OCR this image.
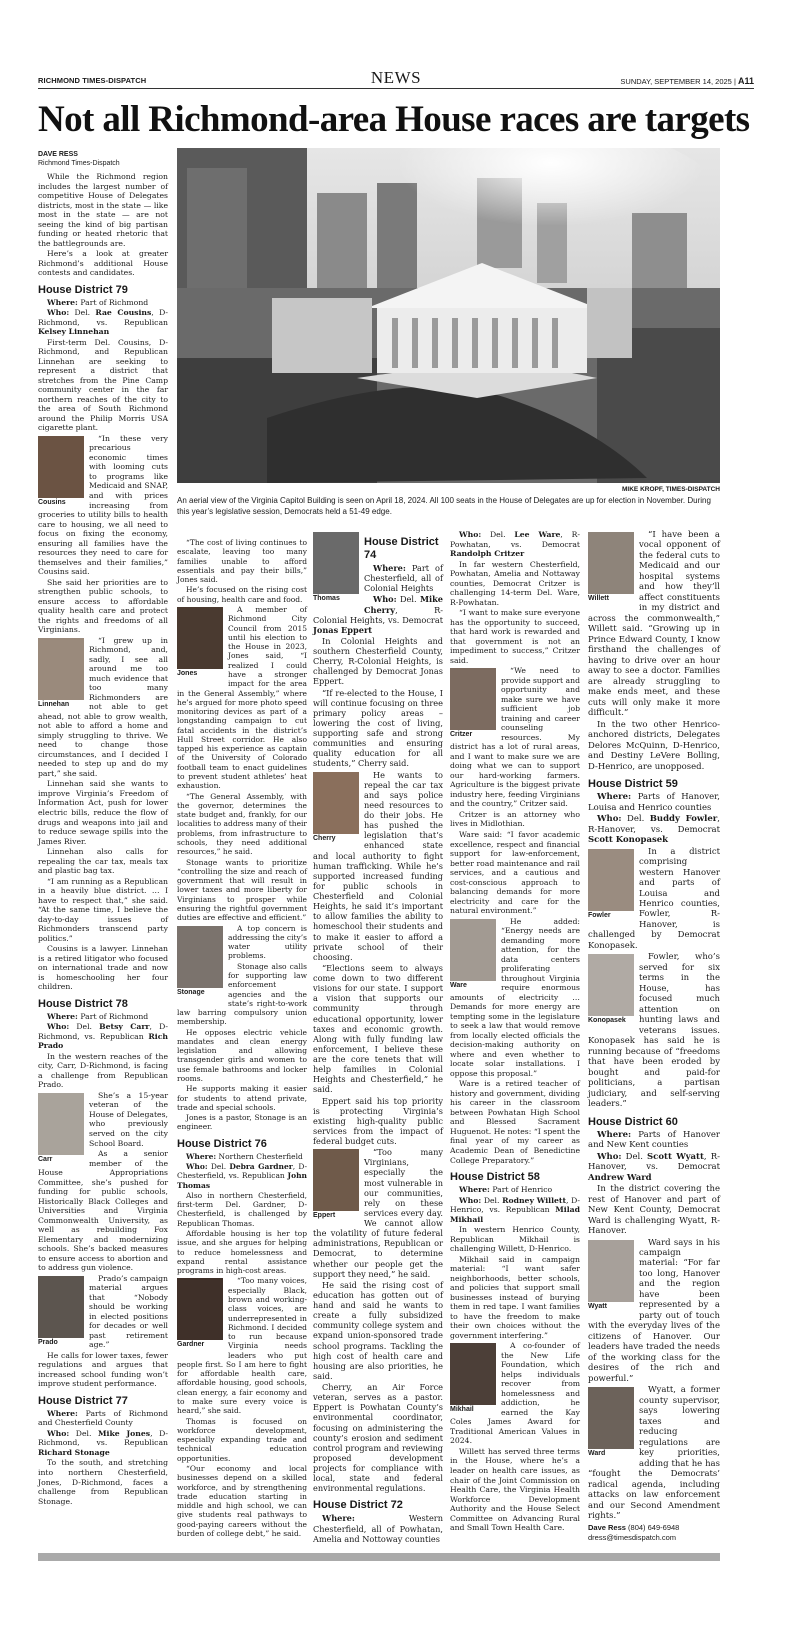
RICHMOND TIMES-DISPATCH	NEWS	SUNDAY, SEPTEMBER 14, 2025 | A11
Not all Richmond-area House races are targets
MIKE KROPF, TIMES-DISPATCH
An aerial view of the Virginia Capitol Building is seen on April 18, 2024. All 100 seats in the House of Delegates are up for election in November. During this year’s legislative session, Democrats held a 51-49 edge.
DAVE RESS
Richmond Times-Dispatch

While the Richmond region includes the largest number of competitive House of Delegates districts, most in the state — like most in the state — are not seeing the kind of big partisan funding or heated rhetoric that the battlegrounds are.

Here’s a look at greater Richmond’s additional House contests and candidates.

House District 79

Where: Part of Richmond

Who: Del. Rae Cousins, D-Richmond, vs. Republican Kelsey Linnehan

First-term Del. Cousins, D-Richmond, and Republican Linnehan are seeking to represent a district that stretches from the Pine Camp community center in the far northern reaches of the city to the area of South Richmond around the Philip Morris USA cigarette plant.

Cousins

“In these very precarious economic times with looming cuts to programs like Medicaid and SNAP, and with prices increasing from groceries to utility bills to health care to housing, we all need to focus on fixing the economy, ensuring all families have the resources they need to care for themselves and their families,” Cousins said.

She said her priorities are to strengthen public schools, to ensure access to affordable quality health care and protect the rights and freedoms of all Virginians.

Linnehan

“I grew up in Richmond, and, sadly, I see all around me too much evidence that too many Richmonders are not able to get ahead, not able to grow wealth, not able to afford a home and simply struggling to thrive. We need to change those circumstances, and I decided I needed to step up and do my part,” she said.

Linnehan said she wants to improve Virginia’s Freedom of Information Act, push for lower electric bills, reduce the flow of drugs and weapons into jail and to reduce sewage spills into the James River.

Linnehan also calls for repealing the car tax, meals tax and plastic bag tax.

“I am running as a Republican in a heavily blue district. … I have to respect that,” she said. “At the same time, I believe the day-to-day issues of Richmonders transcend party politics.”

Cousins is a lawyer. Linnehan is a retired litigator who focused on international trade and now is homeschooling her four children.

House District 78

Where: Part of Richmond

Who: Del. Betsy Carr, D-Richmond, vs. Republican Rich Prado

In the western reaches of the city, Carr, D-Richmond, is facing a challenge from Republican Prado.

Carr

She’s a 15-year veteran of the House of Delegates, who previously served on the city School Board.

As a senior member of the House Appropriations Committee, she’s pushed for funding for public schools, Historically Black Colleges and Universities and Virginia Commonwealth University, as well as rebuilding Fox Elementary and modernizing schools. She’s backed measures to ensure access to abortion and to address gun violence.

Prado

Prado’s campaign material argues that “Nobody should be working in elected positions for decades or well past retirement age.”

He calls for lower taxes, fewer regulations and argues that increased school funding won’t improve student performance.

House District 77

Where: Parts of Richmond and Chesterfield County

Who: Del. Mike Jones, D-Richmond, vs. Republican Richard Stonage

To the south, and stretching into northern Chesterfield, Jones, D-Richmond, faces a challenge from Republican Stonage.

“The cost of living continues to escalate, leaving too many families unable to afford essentials and pay their bills,” Jones said.

He’s focused on the rising cost of housing, health care and food.

Jones

A member of Richmond City Council from 2015 until his election to the House in 2023, Jones said, “I realized I could have a stronger impact for the area in the General Assembly,” where he’s argued for more photo speed monitoring devices as part of a longstanding campaign to cut fatal accidents in the district’s Hull Street corridor. He also tapped his experience as captain of the University of Colorado football team to enact guidelines to prevent student athletes’ heat exhaustion.

“The General Assembly, with the governor, determines the state budget and, frankly, for our localities to address many of their problems, from infrastructure to schools, they need additional resources,” he said.

Stonage wants to prioritize “controlling the size and reach of government that will result in lower taxes and more liberty for Virginians to prosper while ensuring the rightful government duties are effective and efficient.”

Stonage

A top concern is addressing the city’s water utility problems.

Stonage also calls for supporting law enforcement agencies and the state’s right-to-work law barring compulsory union membership.

He opposes electric vehicle mandates and clean energy legislation and allowing transgender girls and women to use female bathrooms and locker rooms.

He supports making it easier for students to attend private, trade and special schools.

Jones is a pastor, Stonage is an engineer.

House District 76

Where: Northern Chesterfield

Who: Del. Debra Gardner, D-Chesterfield, vs. Republican John Thomas

Also in northern Chesterfield, first-term Del. Gardner, D-Chesterfield, is challenged by Republican Thomas.

Affordable housing is her top issue, and she argues for helping to reduce homelessness and expand rental assistance programs in high-cost areas.

Gardner

“Too many voices, especially Black, brown and working-class voices, are underrepresented in Richmond. I decided to run because Virginia needs leaders who put people first. So I am here to fight for affordable health care, affordable housing, good schools, clean energy, a fair economy and to make sure every voice is heard,” she said.

Thomas is focused on workforce development, especially expanding trade and technical education opportunities.

“Our economy and local businesses depend on a skilled workforce, and by strengthening trade education starting in middle and high school, we can give students real pathways to good-paying careers without the burden of college debt,” he said.

Thomas
House District 74

Where: Part of Chesterfield, all of Colonial Heights

Who: Del. Mike Cherry, R-Colonial Heights, vs. Democrat Jonas Eppert

In Colonial Heights and southern Chesterfield County, Cherry, R-Colonial Heights, is challenged by Democrat Jonas Eppert.

“If re-elected to the House, I will continue focusing on three primary policy areas – lowering the cost of living, supporting safe and strong communities and ensuring quality education for all students,” Cherry said.

Cherry

He wants to repeal the car tax and says police need resources to do their jobs. He has pushed the legislation that’s enhanced state and local authority to fight human trafficking. While he’s supported increased funding for public schools in Chesterfield and Colonial Heights, he said it’s important to allow families the ability to homeschool their students and to make it easier to afford a private school of their choosing.

“Elections seem to always come down to two different visions for our state. I support a vision that supports our community through educational opportunity, lower taxes and economic growth. Along with fully funding law enforcement, I believe these are the core tenets that will help families in Colonial Heights and Chesterfield,” he said.

Eppert said his top priority is protecting Virginia’s existing high-quality public services from the impact of federal budget cuts.

Eppert

“Too many Virginians, especially the most vulnerable in our communities, rely on these services every day. We cannot allow the volatility of future federal administrations, Republican or Democrat, to determine whether our people get the support they need,” he said.

He said the rising cost of education has gotten out of hand and said he wants to create a fully subsidized community college system and expand union-sponsored trade school programs. Tackling the high cost of health care and housing are also priorities, he said.

Cherry, an Air Force veteran, serves as a pastor. Eppert is Powhatan County’s environmental coordinator, focusing on administering the county’s erosion and sediment control program and reviewing proposed development projects for compliance with local, state and federal environmental regulations.

House District 72

Where:	Western Chesterfield, all of Powhatan, Amelia and Nottoway counties

Who: Del. Lee Ware, R-Powhatan, vs. Democrat Randolph Critzer

In far western Chesterfield, Powhatan, Amelia and Nottaway counties, Democrat Critzer is challenging 14-term Del. Ware, R-Powhatan.

“I want to make sure everyone has the opportunity to succeed, that hard work is rewarded and that government is not an impediment to success,” Critzer said.

Critzer

“We need to provide support and opportunity and make sure we have sufficient job training and career counseling resources. My district has a lot of rural areas, and I want to make sure we are doing what we can to support our hard-working farmers. Agriculture is the biggest private industry here, feeding Virginians and the country,” Critzer said.

Critzer is an attorney who lives in Midlothian.

Ware said: “I favor academic excellence, respect and financial support for law-enforcement, better road maintenance and rail services, and a cautious and cost-conscious approach to balancing demands for more electricity and care for the natural environment.”

Ware

He added: “Energy needs are demanding more attention, for the data centers proliferating throughout Virginia require enormous amounts of electricity … Demands for more energy are tempting some in the legislature to seek a law that would remove from locally elected officials the decision-making authority on where and even whether to locate solar installations. I oppose this proposal.”

Ware is a retired teacher of history and government, dividing his career in the classroom between Powhatan High School and Blessed Sacrament Huguenot. He notes: “I spent the final year of my career as Academic Dean of Benedictine College Preparatory.”

House District 58

Where: Part of Henrico

Who: Del. Rodney Willett, D-Henrico, vs. Republican Milad Mikhail

In western Henrico County, Republican Mikhail is challenging Willett, D-Henrico.

Mikhail said in campaign material: “I want safer neighborhoods, better schools, and policies that support small businesses instead of burying them in red tape. I want families to have the freedom to make their own choices without the government interfering.”

Mikhail

A co-founder of the New Life Foundation, which helps individuals recover from homelessness and addiction, he earned the Kay Coles James Award for Traditional American Values in 2024.

Willett has served three terms in the House, where he’s a leader on health care issues, as chair of the Joint Commission on Health Care, the Virginia Health Workforce Development Authority and the House Select Committee on Advancing Rural and Small Town Health Care.

Willett

“I have been a vocal opponent of the federal cuts to Medicaid and our hospital systems and how they’ll affect constituents in my district and across the commonwealth,” Willett said. “Growing up in Prince Edward County, I know firsthand the challenges of having to drive over an hour away to see a doctor. Families are already struggling to make ends meet, and these cuts will only make it more difficult.”

In the two other Henrico-anchored districts, Delegates Delores McQuinn, D-Henrico, and Destiny LeVere Bolling, D-Henrico, are unopposed.

House District 59

Where: Parts of Hanover, Louisa and Henrico counties

Who: Del. Buddy Fowler, R-Hanover, vs. Democrat Scott Konopasek

Fowler

In a district comprising western Hanover and parts of Louisa and Henrico counties, Fowler, R-Hanover, is challenged by Democrat Konopasek.

Konopasek

Fowler, who’s served for six terms in the House, has focused much attention on hunting laws and veterans issues. Konopasek has said he is running because of “freedoms that have been eroded by bought and paid-for politicians, a partisan judiciary, and self-serving leaders.”

House District 60

Where: Parts of Hanover and New Kent counties

Who: Del. Scott Wyatt, R-Hanover, vs. Democrat Andrew Ward

In the district covering the rest of Hanover and part of New Kent County, Democrat Ward is challenging Wyatt, R-Hanover.

Wyatt

Ward says in his campaign material: “For far too long, Hanover and the region have been represented by a party out of touch with the everyday lives of the citizens of Hanover. Our leaders have traded the needs of the working class for the desires of the rich and powerful.”

Ward

Wyatt, a former county supervisor, says lowering taxes and reducing regulations are key priorities, adding that he has “fought the Democrats’ radical agenda, including attacks on law enforcement and our Second Amendment rights.”

Dave Ress (804) 649-6948
dress@timesdispatch.com
